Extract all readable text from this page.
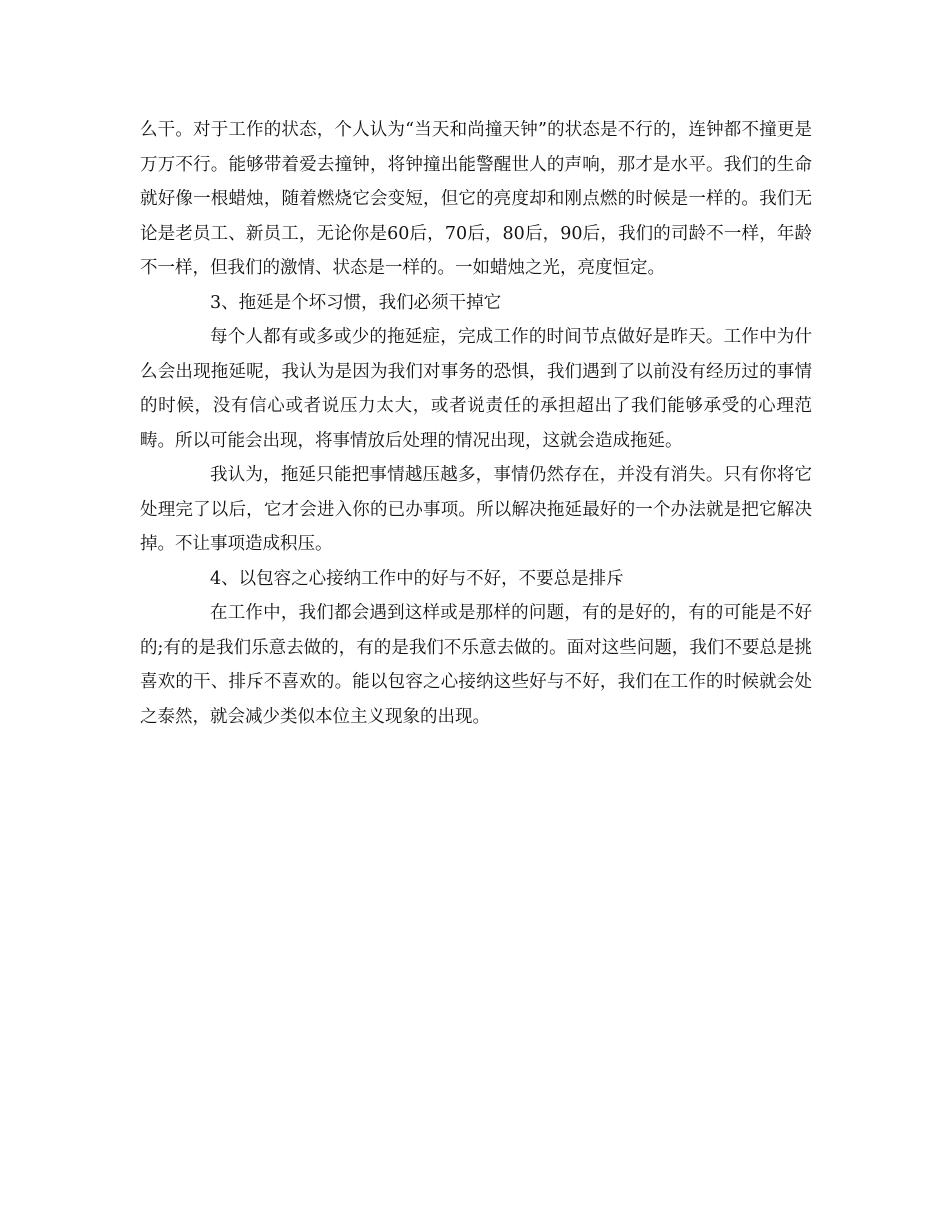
么干。对于工作的状态，个人认为“当天和尚撞天钟”的状态是不行的，连钟都不撞更是万万不行。能够带着爱去撞钟，将钟撞出能警醒世人的声响，那才是水平。我们的生命就好像一根蜡烛，随着燃烧它会变短，但它的亮度却和刚点燃的时候是一样的。我们无论是老员工、新员工，无论你是60后，70后，80后，90后，我们的司龄不一样，年龄不一样，但我们的激情、状态是一样的。一如蜡烛之光，亮度恒定。

3、拖延是个坏习惯，我们必须干掉它

每个人都有或多或少的拖延症，完成工作的时间节点做好是昨天。工作中为什么会出现拖延呢，我认为是因为我们对事务的恐惧，我们遇到了以前没有经历过的事情的时候，没有信心或者说压力太大，或者说责任的承担超出了我们能够承受的心理范畴。所以可能会出现，将事情放后处理的情况出现，这就会造成拖延。

我认为，拖延只能把事情越压越多，事情仍然存在，并没有消失。只有你将它处理完了以后，它才会进入你的已办事项。所以解决拖延最好的一个办法就是把它解决掉。不让事项造成积压。

4、以包容之心接纳工作中的好与不好，不要总是排斥

在工作中，我们都会遇到这样或是那样的问题，有的是好的，有的可能是不好的;有的是我们乐意去做的，有的是我们不乐意去做的。面对这些问题，我们不要总是挑喜欢的干、排斥不喜欢的。能以包容之心接纳这些好与不好，我们在工作的时候就会处之泰然，就会减少类似本位主义现象的出现。
